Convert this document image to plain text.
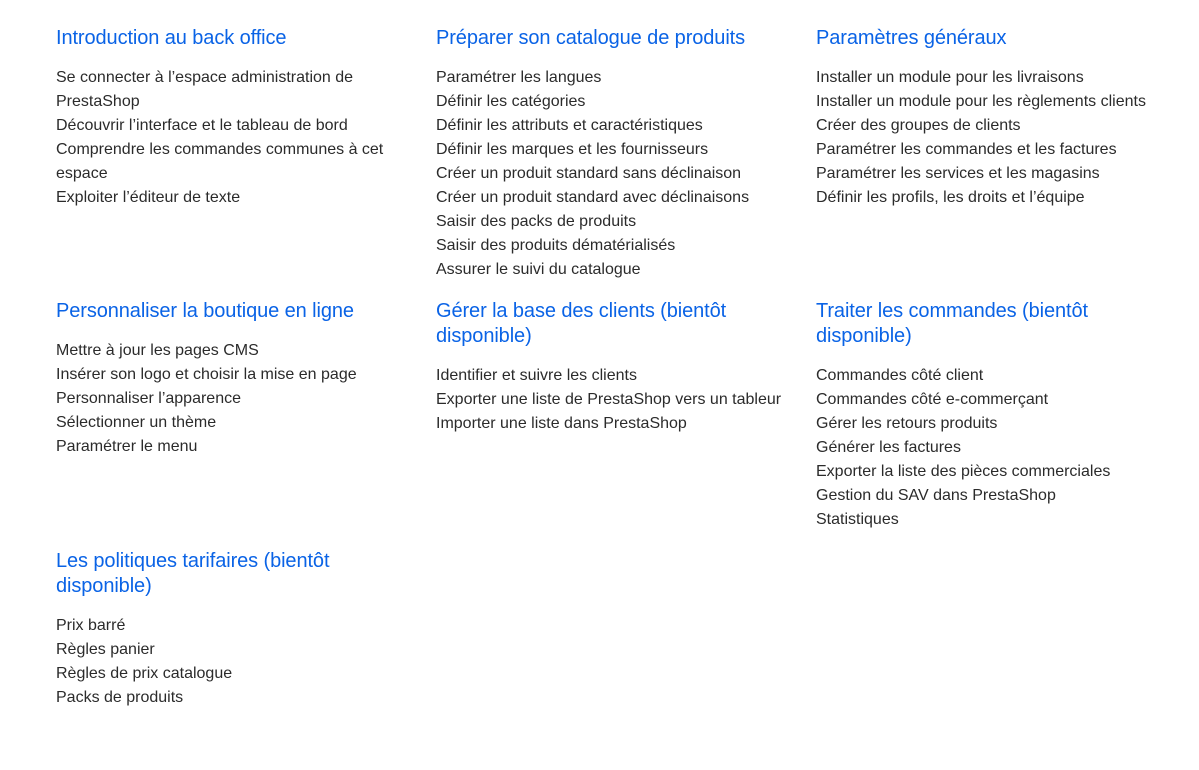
Introduction au back office
Se connecter à l’espace administration de PrestaShop
Découvrir l’interface et le tableau de bord
Comprendre les commandes communes à cet espace
Exploiter l’éditeur de texte
Préparer son catalogue de produits
Paramétrer les langues
Définir les catégories
Définir les attributs et caractéristiques
Définir les marques et les fournisseurs
Créer un produit standard sans déclinaison
Créer un produit standard avec déclinaisons
Saisir des packs de produits
Saisir des produits dématérialisés
Assurer le suivi du catalogue
Paramètres généraux
Installer un module pour les livraisons
Installer un module pour les règlements clients
Créer des groupes de clients
Paramétrer les commandes et les factures
Paramétrer les services et les magasins
Définir les profils, les droits et l’équipe
Personnaliser la boutique en ligne
Mettre à jour les pages CMS
Insérer son logo et choisir la mise en page
Personnaliser l’apparence
Sélectionner un thème
Paramétrer le menu
Gérer la base des clients (bientôt disponible)
Identifier et suivre les clients
Exporter une liste de PrestaShop vers un tableur
Importer une liste dans PrestaShop
Traiter les commandes (bientôt disponible)
Commandes côté client
Commandes côté e-commerçant
Gérer les retours produits
Générer les factures
Exporter la liste des pièces commerciales
Gestion du SAV dans PrestaShop
Statistiques
Les politiques tarifaires (bientôt disponible)
Prix barré
Règles panier
Règles de prix catalogue
Packs de produits
